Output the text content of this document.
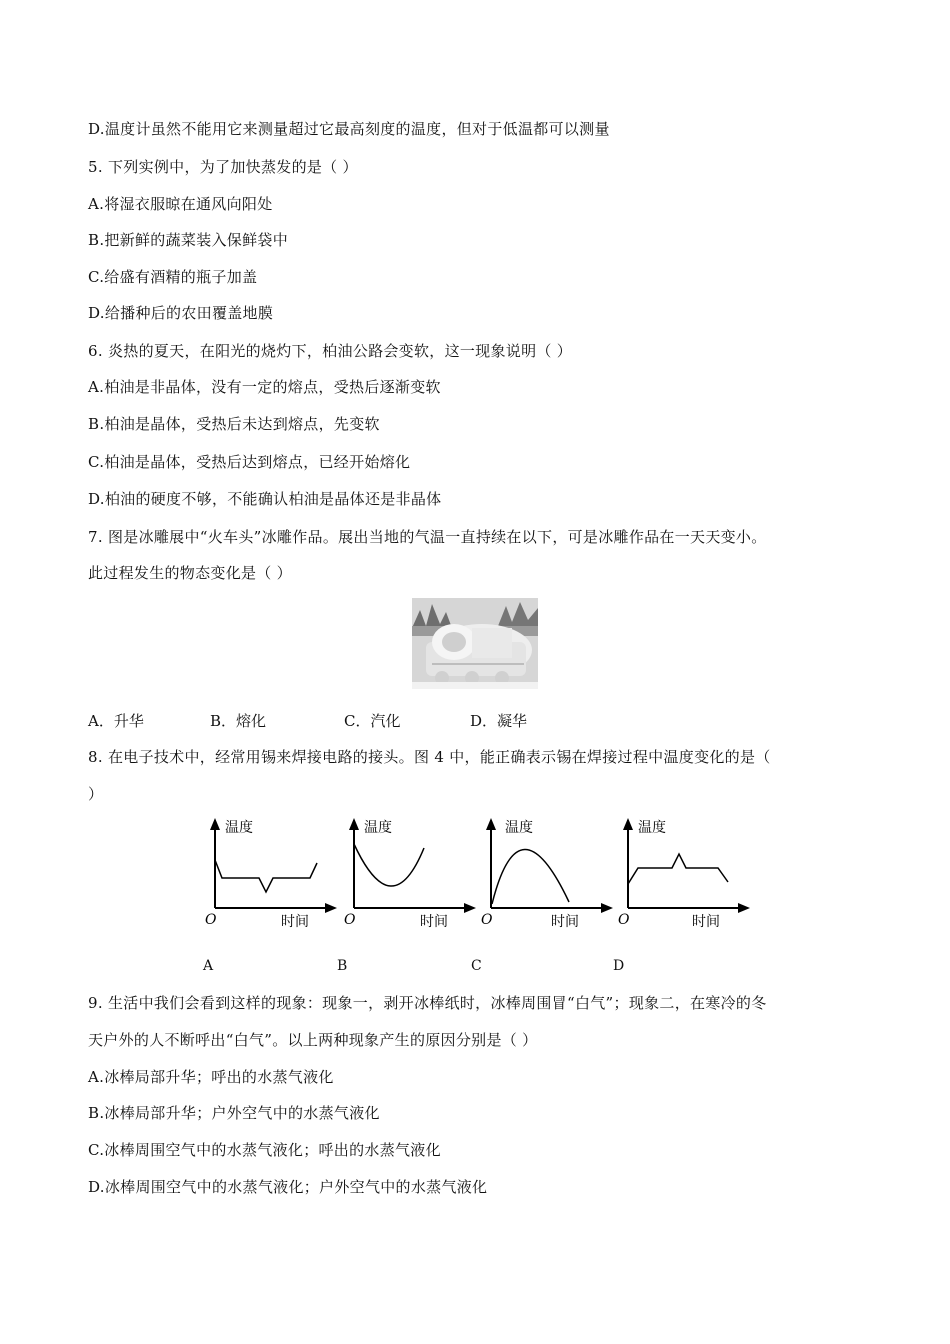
D.温度计虽然不能用它来测量超过它最高刻度的温度，但对于低温都可以测量
5. 下列实例中，为了加快蒸发的是（ ）
A.将湿衣服晾在通风向阳处
B.把新鲜的蔬菜装入保鲜袋中
C.给盛有酒精的瓶子加盖
D.给播种后的农田覆盖地膜
6. 炎热的夏天，在阳光的烧灼下，柏油公路会变软，这一现象说明（ ）
A.柏油是非晶体，没有一定的熔点，受热后逐渐变软
B.柏油是晶体，受热后未达到熔点，先变软
C.柏油是晶体，受热后达到熔点，已经开始熔化
D.柏油的硬度不够，不能确认柏油是晶体还是非晶体
7. 图是冰雕展中“火车头”冰雕作品。展出当地的气温一直持续在以下，可是冰雕作品在一天天变小。
此过程发生的物态变化是（ ）
A．升华	B．熔化	C．汽化	D．凝华
8. 在电子技术中，经常用锡来焊接电路的接头。图 4 中，能正确表示锡在焊接过程中温度变化的是（
）
温度
时间
O
温度
时间
O
温度
时间
O
温度
时间
O
A	B	C	D
9. 生活中我们会看到这样的现象：现象一，剥开冰棒纸时，冰棒周围冒“白气”；现象二，在寒冷的冬
天户外的人不断呼出“白气”。以上两种现象产生的原因分别是（ ）
A.冰棒局部升华；呼出的水蒸气液化
B.冰棒局部升华；户外空气中的水蒸气液化
C.冰棒周围空气中的水蒸气液化；呼出的水蒸气液化
D.冰棒周围空气中的水蒸气液化；户外空气中的水蒸气液化
